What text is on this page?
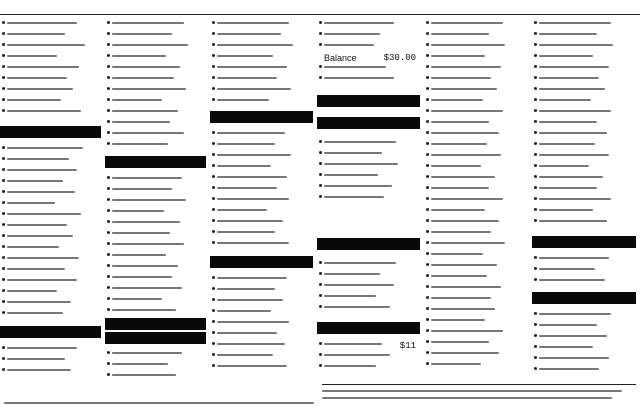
Balance	$30.00
$11
